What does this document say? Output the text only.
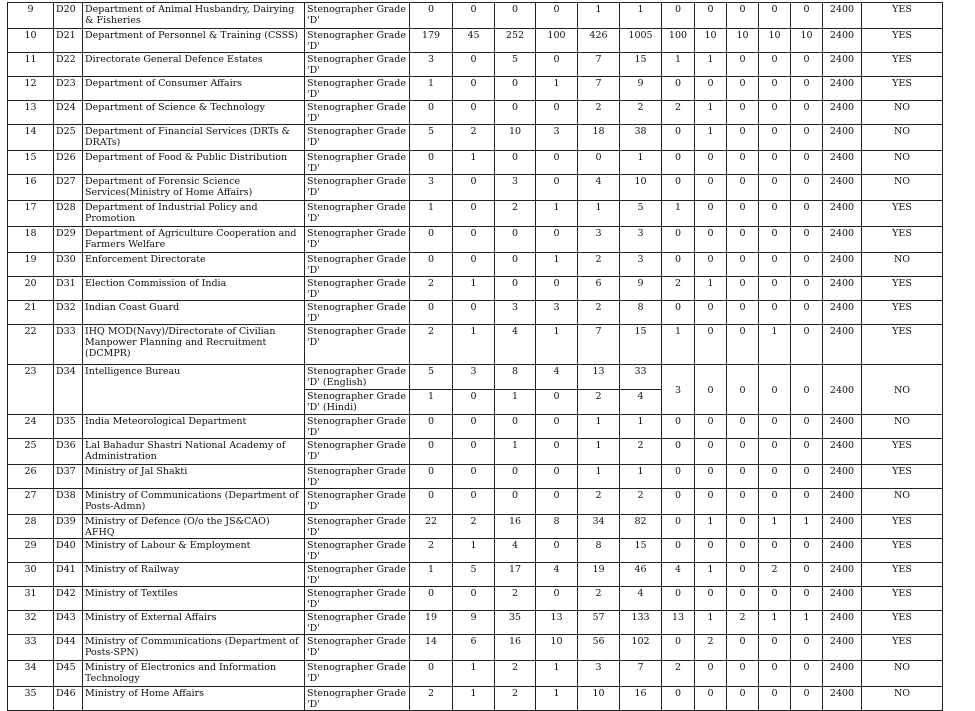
9	D20	Department of Animal Husbandry, Dairying & Fisheries	Stenographer Grade 'D'	0	0	0	0	1	1	0	0	0	0	0	2400	YES
10	D21	Department of Personnel & Training (CSSS)	Stenographer Grade 'D'	179	45	252	100	426	1005	100	10	10	10	10	2400	YES
11	D22	Directorate General Defence Estates	Stenographer Grade 'D'	3	0	5	0	7	15	1	1	0	0	0	2400	YES
12	D23	Department of Consumer Affairs	Stenographer Grade 'D'	1	0	0	1	7	9	0	0	0	0	0	2400	YES
13	D24	Department of Science & Technology	Stenographer Grade 'D'	0	0	0	0	2	2	2	1	0	0	0	2400	NO
14	D25	Department of Financial Services (DRTs & DRATs)	Stenographer Grade 'D'	5	2	10	3	18	38	0	1	0	0	0	2400	NO
15	D26	Department of Food & Public Distribution	Stenographer Grade 'D'	0	1	0	0	0	1	0	0	0	0	0	2400	NO
16	D27	Department of Forensic Science Services(Ministry of Home Affairs)	Stenographer Grade 'D'	3	0	3	0	4	10	0	0	0	0	0	2400	NO
17	D28	Department of Industrial Policy and Promotion	Stenographer Grade 'D'	1	0	2	1	1	5	1	0	0	0	0	2400	YES
18	D29	Department of Agriculture Cooperation and Farmers Welfare	Stenographer Grade 'D'	0	0	0	0	3	3	0	0	0	0	0	2400	YES
19	D30	Enforcement Directorate	Stenographer Grade 'D'	0	0	0	1	2	3	0	0	0	0	0	2400	NO
20	D31	Election Commission of India	Stenographer Grade 'D'	2	1	0	0	6	9	2	1	0	0	0	2400	YES
21	D32	Indian Coast Guard	Stenographer Grade 'D'	0	0	3	3	2	8	0	0	0	0	0	2400	YES
22	D33	IHQ MOD(Navy)/Directorate of Civilian Manpower Planning and Recruitment (DCMPR)	Stenographer Grade 'D'	2	1	4	1	7	15	1	0	0	1	0	2400	YES
23	D34	Intelligence Bureau	Stenographer Grade 'D' (English)	5	3	8	4	13	33	3	0	0	0	0	2400	NO
			Stenographer Grade 'D' (Hindi)	1	0	1	0	2	4							
24	D35	India Meteorological Department	Stenographer Grade 'D'	0	0	0	0	1	1	0	0	0	0	0	2400	NO
25	D36	Lal Bahadur Shastri National Academy of Administration	Stenographer Grade 'D'	0	0	1	0	1	2	0	0	0	0	0	2400	YES
26	D37	Ministry of Jal Shakti	Stenographer Grade 'D'	0	0	0	0	1	1	0	0	0	0	0	2400	YES
27	D38	Ministry of Communications (Department of Posts-Admn)	Stenographer Grade 'D'	0	0	0	0	2	2	0	0	0	0	0	2400	NO
28	D39	Ministry of Defence (O/o the JS&CAO) AFHQ	Stenographer Grade 'D'	22	2	16	8	34	82	0	1	0	1	1	2400	YES
29	D40	Ministry of Labour & Employment	Stenographer Grade 'D'	2	1	4	0	8	15	0	0	0	0	0	2400	YES
30	D41	Ministry of Railway	Stenographer Grade 'D'	1	5	17	4	19	46	4	1	0	2	0	2400	YES
31	D42	Ministry of Textiles	Stenographer Grade 'D'	0	0	2	0	2	4	0	0	0	0	0	2400	YES
32	D43	Ministry of External Affairs	Stenographer Grade 'D'	19	9	35	13	57	133	13	1	2	1	1	2400	YES
33	D44	Ministry of Communications (Department of Posts-SPN)	Stenographer Grade 'D'	14	6	16	10	56	102	0	2	0	0	0	2400	YES
34	D45	Ministry of Electronics and Information Technology	Stenographer Grade 'D'	0	1	2	1	3	7	2	0	0	0	0	2400	NO
35	D46	Ministry of Home Affairs	Stenographer Grade 'D'	2	1	2	1	10	16	0	0	0	0	0	2400	NO
